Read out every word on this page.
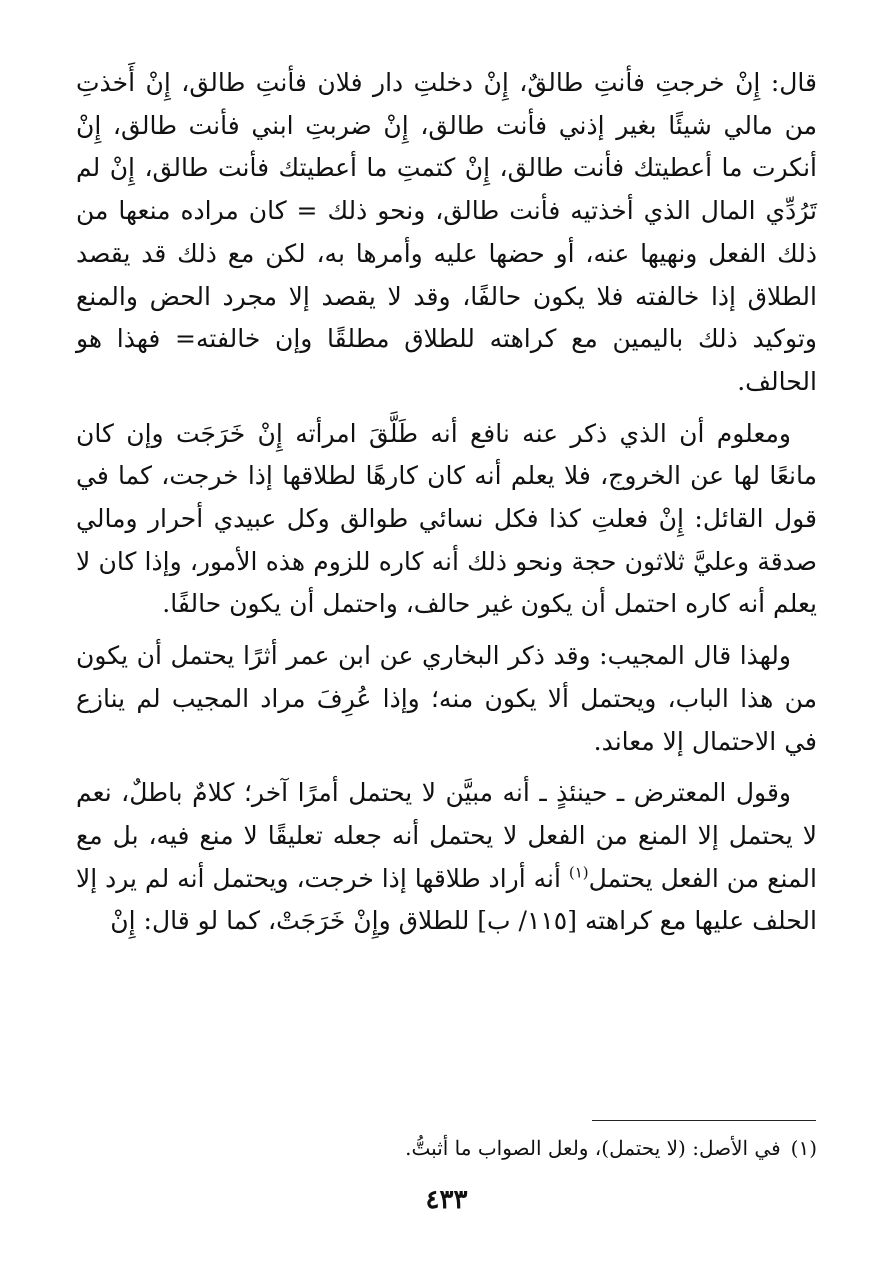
قال: إِنْ خرجتِ فأنتِ طالقٌ، إِنْ دخلتِ دار فلان فأنتِ طالق، إِنْ أَخذتِ من مالي شيئًا بغير إذني فأنت طالق، إِنْ ضربتِ ابني فأنت طالق، إِنْ أنكرت ما أعطيتك فأنت طالق، إِنْ كتمتِ ما أعطيتك فأنت طالق، إِنْ لم تَرُدِّي المال الذي أخذتيه فأنت طالق، ونحو ذلك = كان مراده منعها من ذلك الفعل ونهيها عنه، أو حضها عليه وأمرها به، لكن مع ذلك قد يقصد الطلاق إذا خالفته فلا يكون حالفًا، وقد لا يقصد إلا مجرد الحض والمنع وتوكيد ذلك باليمين مع كراهته للطلاق مطلقًا وإن خالفته= فهذا هو الحالف.

ومعلوم أن الذي ذكر عنه نافع أنه طَلَّقَ امرأته إِنْ خَرَجَت وإن كان مانعًا لها عن الخروج، فلا يعلم أنه كان كارهًا لطلاقها إذا خرجت، كما في قول القائل: إِنْ فعلتِ كذا فكل نسائي طوالق وكل عبيدي أحرار ومالي صدقة وعليَّ ثلاثون حجة ونحو ذلك أنه كاره للزوم هذه الأمور، وإذا كان لا يعلم أنه كاره احتمل أن يكون غير حالف، واحتمل أن يكون حالفًا.

ولهذا قال المجيب: وقد ذكر البخاري عن ابن عمر أثرًا يحتمل أن يكون من هذا الباب، ويحتمل ألا يكون منه؛ وإذا عُرِفَ مراد المجيب لم ينازع في الاحتمال إلا معاند.

وقول المعترض ـ حينئذٍ ـ أنه مبيَّن لا يحتمل أمرًا آخر؛ كلامٌ باطلٌ، نعم لا يحتمل إلا المنع من الفعل لا يحتمل أنه جعله تعليقًا لا منع فيه، بل مع المنع من الفعل يحتمل$^{(١)}$ أنه أراد طلاقها إذا خرجت، ويحتمل أنه لم يرد إلا الحلف عليها مع كراهته [١١٥/ ب] للطلاق وإِنْ خَرَجَتْ، كما لو قال: إِنْ

(١)في الأصل: (لا يحتمل)، ولعل الصواب ما أثبتُّ.
٤٣٣
